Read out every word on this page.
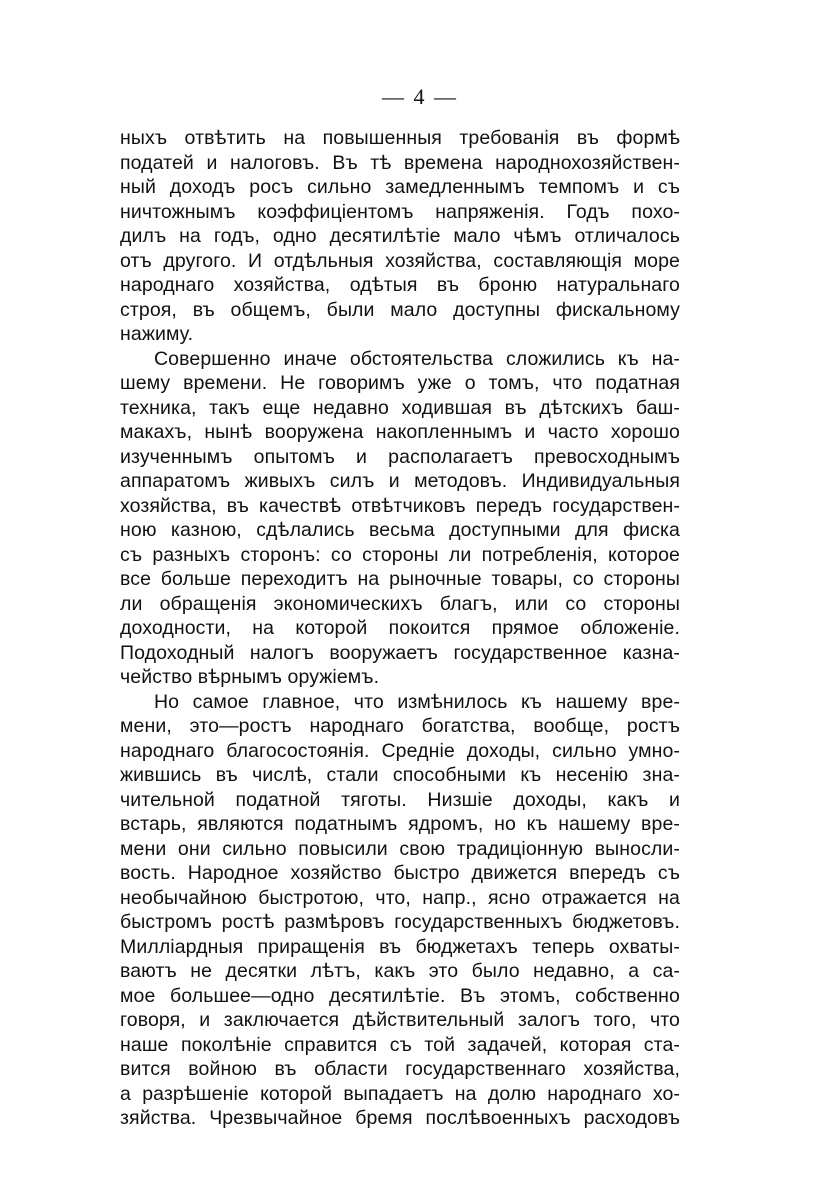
— 4 —
ныхъ отвѣтить на повышенныя требованія въ формѣ
податей и налоговъ. Въ тѣ времена народнохозяйствен-
ный доходъ росъ сильно замедленнымъ темпомъ и съ
ничтожнымъ коэффиціентомъ напряженія. Годъ похо-
дилъ на годъ, одно десятилѣтіе мало чѣмъ отличалось
отъ другого. И отдѣльныя хозяйства, составляющія море
народнаго хозяйства, одѣтыя въ броню натуральнаго
строя, въ общемъ, были мало доступны фискальному
нажиму.
Совершенно иначе обстоятельства сложились къ на-
шему времени. Не говоримъ уже о томъ, что податная
техника, такъ еще недавно ходившая въ дѣтскихъ баш-
макахъ, нынѣ вооружена накопленнымъ и часто хорошо
изученнымъ опытомъ и располагаетъ превосходнымъ
аппаратомъ живыхъ силъ и методовъ. Индивидуальныя
хозяйства, въ качествѣ отвѣтчиковъ передъ государствен-
ною казною, сдѣлались весьма доступными для фиска
съ разныхъ сторонъ: со стороны ли потребленія, которое
все больше переходитъ на рыночные товары, со стороны
ли обращенія экономическихъ благъ, или со стороны
доходности, на которой покоится прямое обложеніе.
Подоходный налогъ вооружаетъ государственное казна-
чейство вѣрнымъ оружіемъ.
Но самое главное, что измѣнилось къ нашему вре-
мени, это—ростъ народнаго богатства, вообще, ростъ
народнаго благосостоянія. Средніе доходы, сильно умно-
жившись въ числѣ, стали способными къ несенію зна-
чительной податной тяготы. Низшіе доходы, какъ и
встарь, являются податнымъ ядромъ, но къ нашему вре-
мени они сильно повысили свою традиціонную выносли-
вость. Народное хозяйство быстро движется впередъ съ
необычайною быстротою, что, напр., ясно отражается на
быстромъ ростѣ размѣровъ государственныхъ бюджетовъ.
Милліардныя приращенія въ бюджетахъ теперь охваты-
ваютъ не десятки лѣтъ, какъ это было недавно, а са-
мое большее—одно десятилѣтіе. Въ этомъ, собственно
говоря, и заключается дѣйствительный залогъ того, что
наше поколѣніе справится съ той задачей, которая ста-
вится войною въ области государственнаго хозяйства,
а разрѣшеніе которой выпадаетъ на долю народнаго хо-
зяйства. Чрезвычайное бремя послѣвоенныхъ расходовъ
